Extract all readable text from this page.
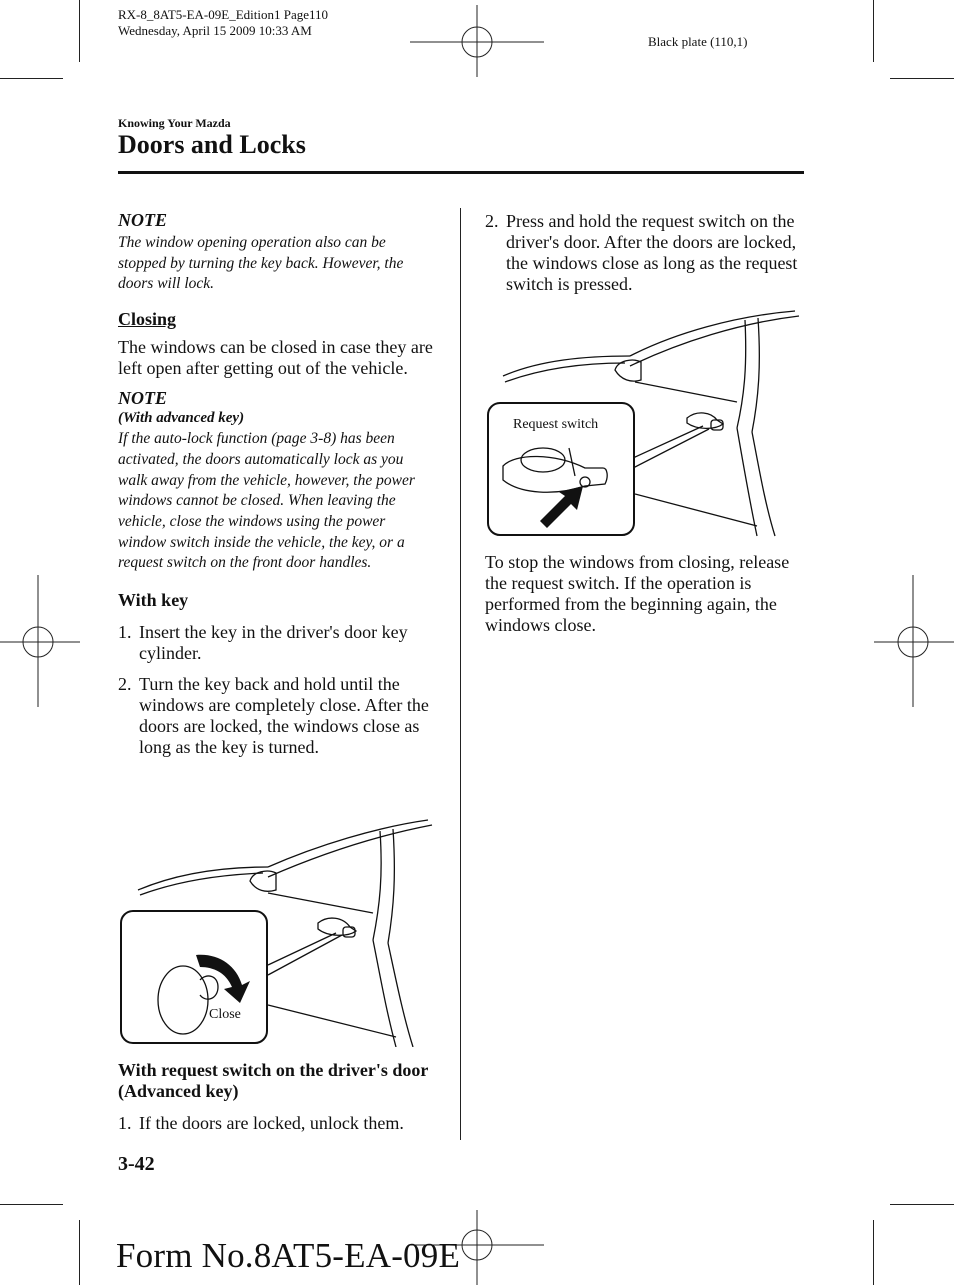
RX-8_8AT5-EA-09E_Edition1 Page110
Wednesday, April 15 2009 10:33 AM
Black plate (110,1)
Knowing Your Mazda
Doors and Locks
NOTE
The window opening operation also can be stopped by turning the key back. However, the doors will lock.
Closing
The windows can be closed in case they are left open after getting out of the vehicle.
NOTE
(With advanced key)
If the auto-lock function (page 3-8) has been activated, the doors automatically lock as you walk away from the vehicle, however, the power windows cannot be closed. When leaving the vehicle, close the windows using the power window switch inside the vehicle, the key, or a request switch on the front door handles.
With key
1. Insert the key in the driver's door key cylinder.
2. Turn the key back and hold until the windows are completely close. After the doors are locked, the windows close as long as the key is turned.
Close
With request switch on the driver's door (Advanced key)
1. If the doors are locked, unlock them.
2. Press and hold the request switch on the driver's door. After the doors are locked, the windows close as long as the request switch is pressed.
Request switch
To stop the windows from closing, release the request switch. If the operation is performed from the beginning again, the windows close.
3-42
Form No.8AT5-EA-09E
